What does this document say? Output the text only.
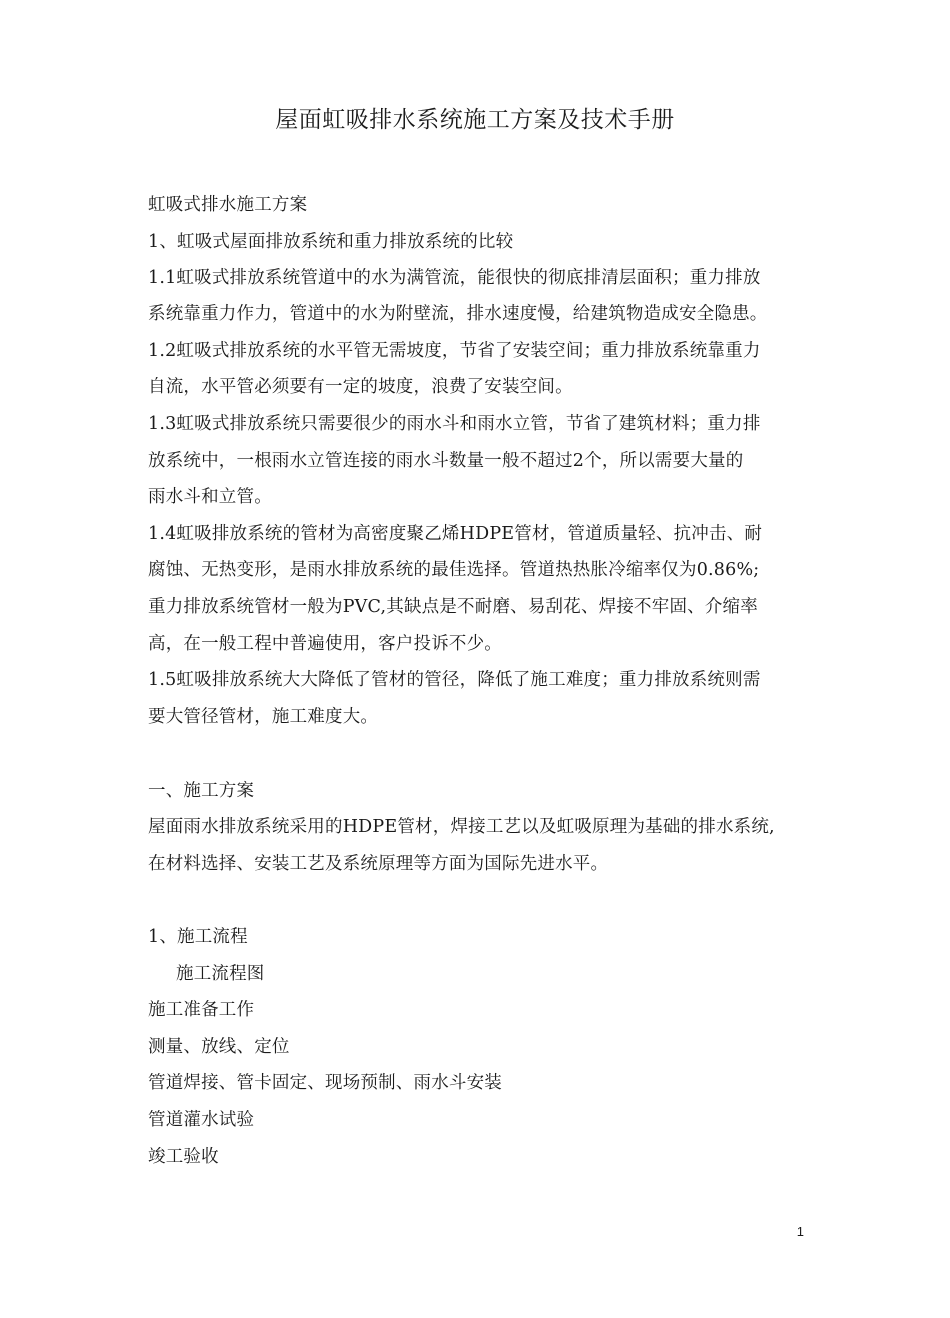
屋面虹吸排水系统施工方案及技术手册
虹吸式排水施工方案
1、虹吸式屋面排放系统和重力排放系统的比较
1.1虹吸式排放系统管道中的水为满管流，能很快的彻底排清层面积；重力排放
系统靠重力作力，管道中的水为附壁流，排水速度慢，给建筑物造成安全隐患。
1.2虹吸式排放系统的水平管无需坡度，节省了安装空间；重力排放系统靠重力
自流，水平管必须要有一定的坡度，浪费了安装空间。
1.3虹吸式排放系统只需要很少的雨水斗和雨水立管，节省了建筑材料；重力排
放系统中，一根雨水立管连接的雨水斗数量一般不超过2个，所以需要大量的
雨水斗和立管。
1.4虹吸排放系统的管材为高密度聚乙烯HDPE管材，管道质量轻、抗冲击、耐
腐蚀、无热变形，是雨水排放系统的最佳选择。管道热热胀冷缩率仅为0.86%;
重力排放系统管材一般为PVC,其缺点是不耐磨、易刮花、焊接不牢固、介缩率
高，在一般工程中普遍使用，客户投诉不少。
1.5虹吸排放系统大大降低了管材的管径，降低了施工难度；重力排放系统则需
要大管径管材，施工难度大。
一、施工方案
屋面雨水排放系统采用的HDPE管材，焊接工艺以及虹吸原理为基础的排水系统,
在材料选择、安装工艺及系统原理等方面为国际先进水平。
1、施工流程
施工流程图
施工准备工作
测量、放线、定位
管道焊接、管卡固定、现场预制、雨水斗安装
管道灌水试验
竣工验收
1
